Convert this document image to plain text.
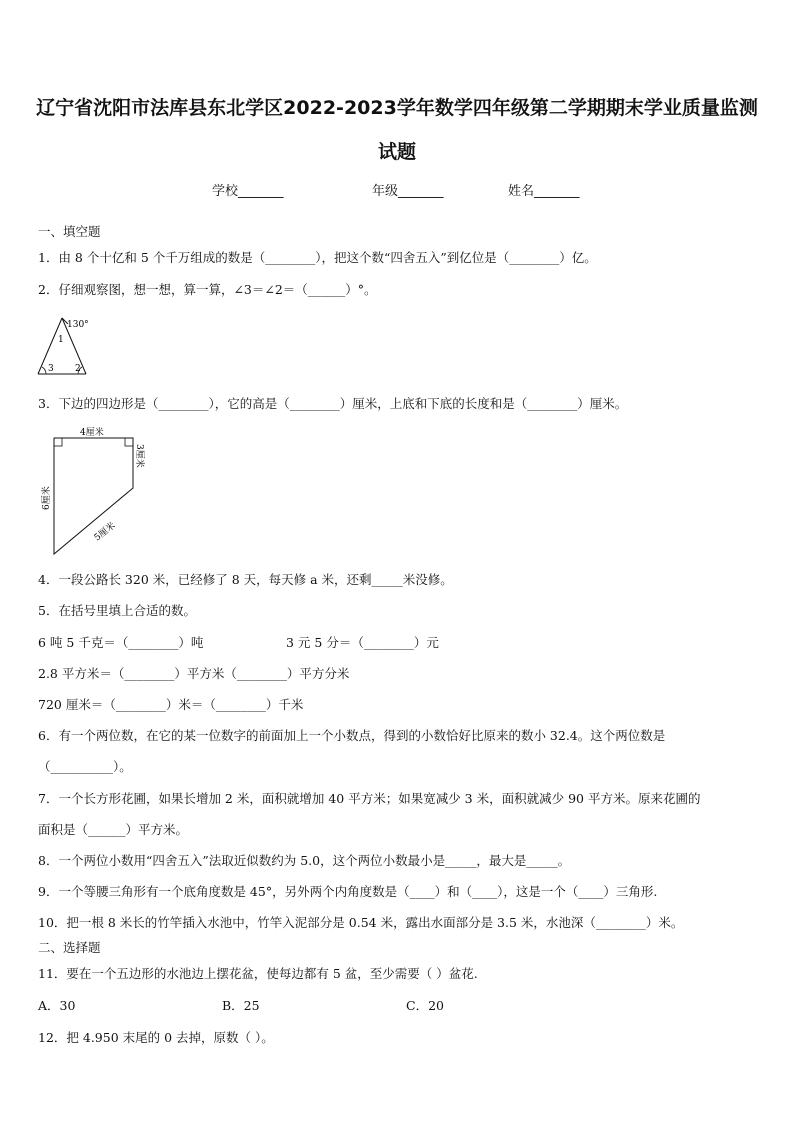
辽宁省沈阳市法库县东北学区2022-2023学年数学四年级第二学期期末学业质量监测
试题
学校_______	年级_______	姓名_______
一、填空题
1．由 8 个十亿和 5 个千万组成的数是（________），把这个数“四舍五入”到亿位是（________）亿。
2．仔细观察图，想一想，算一算，∠3＝∠2＝（______）°。
130°
1
2
3
3．下边的四边形是（________），它的高是（________）厘米，上底和下底的长度和是（________）厘米。
4厘米
3厘米
6厘米
5厘米
4．一段公路长 320 米，已经修了 8 天，每天修 a 米，还剩_____米没修。
5．在括号里填上合适的数。
6 吨 5 千克＝（________）吨	3 元 5 分＝（________）元
2.8 平方米＝（________）平方米（________）平方分米
720 厘米＝（________）米＝（________）千米
6．有一个两位数，在它的某一位数字的前面加上一个小数点，得到的小数恰好比原来的数小 32.4。这个两位数是
（__________）。
7．一个长方形花圃，如果长增加 2 米，面积就增加 40 平方米；如果宽减少 3 米，面积就减少 90 平方米。原来花圃的
面积是（______）平方米。
8．一个两位小数用“四舍五入”法取近似数约为 5.0，这个两位小数最小是_____，最大是_____。
9．一个等腰三角形有一个底角度数是 45°，另外两个内角度数是（____）和（____），这是一个（____）三角形.
10．把一根 8 米长的竹竿插入水池中，竹竿入泥部分是 0.54 米，露出水面部分是 3.5 米，水池深（________）米。
二、选择题
11．要在一个五边形的水池边上摆花盆，使每边都有 5 盆，至少需要（ ）盆花.
A．30	B．25	C．20
12．把 4.950 末尾的 0 去掉，原数（ ）。
